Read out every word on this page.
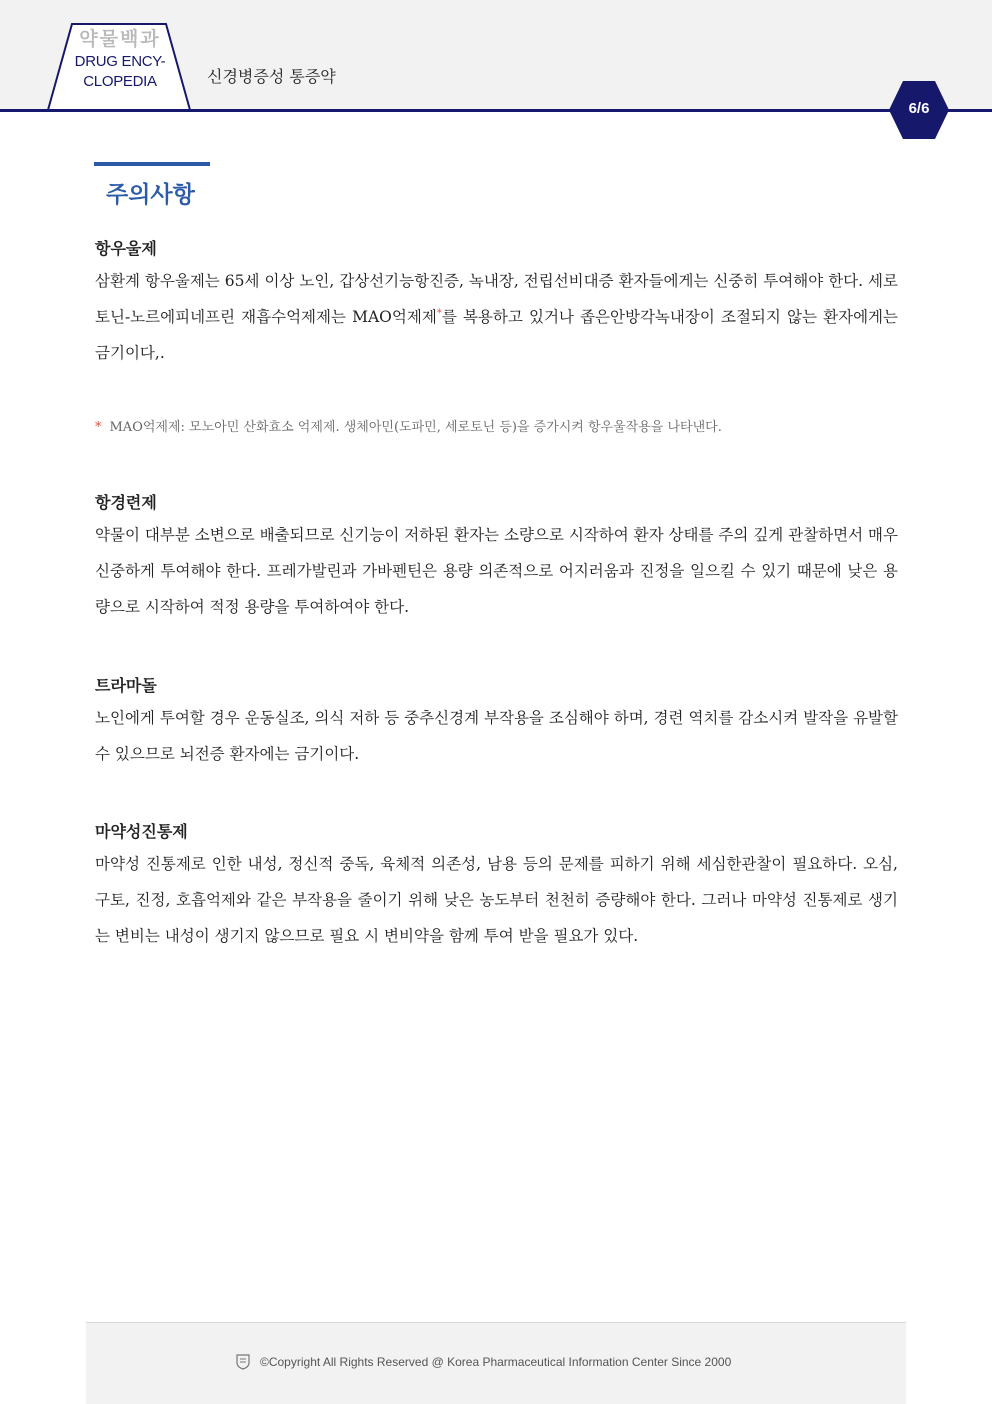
약물백과
DRUG ENCY-
CLOPEDIA	신경병증성 통증약
6/6
주의사항

항우울제

삼환계 항우울제는 65세 이상 노인, 갑상선기능항진증, 녹내장, 전립선비대증 환자들에게는 신중히 투여해야 한다. 세로토닌-노르에피네프린 재흡수억제제는 MAO억제제*를 복용하고 있거나 좁은안방각녹내장이 조절되지 않는 환자에게는 금기이다,.

* MAO억제제: 모노아민 산화효소 억제제. 생체아민(도파민, 세로토닌 등)을 증가시켜 항우울작용을 나타낸다.

항경련제

약물이 대부분 소변으로 배출되므로 신기능이 저하된 환자는 소량으로 시작하여 환자 상태를 주의 깊게 관찰하면서 매우 신중하게 투여해야 한다. 프레가발린과 가바펜틴은 용량 의존적으로 어지러움과 진정을 일으킬 수 있기 때문에 낮은 용량으로 시작하여 적정 용량을 투여하여야 한다.

트라마돌

노인에게 투여할 경우 운동실조, 의식 저하 등 중추신경계 부작용을 조심해야 하며, 경련 역치를 감소시켜 발작을 유발할 수 있으므로 뇌전증 환자에는 금기이다.

마약성진통제

마약성 진통제로 인한 내성, 정신적 중독, 육체적 의존성, 남용 등의 문제를 피하기 위해 세심한관찰이 필요하다. 오심, 구토, 진정, 호흡억제와 같은 부작용을 줄이기 위해 낮은 농도부터 천천히 증량해야 한다. 그러나 마약성 진통제로 생기는 변비는 내성이 생기지 않으므로 필요 시 변비약을 함께 투여 받을 필요가 있다.

©Copyright All Rights Reserved @ Korea Pharmaceutical Information Center Since 2000
